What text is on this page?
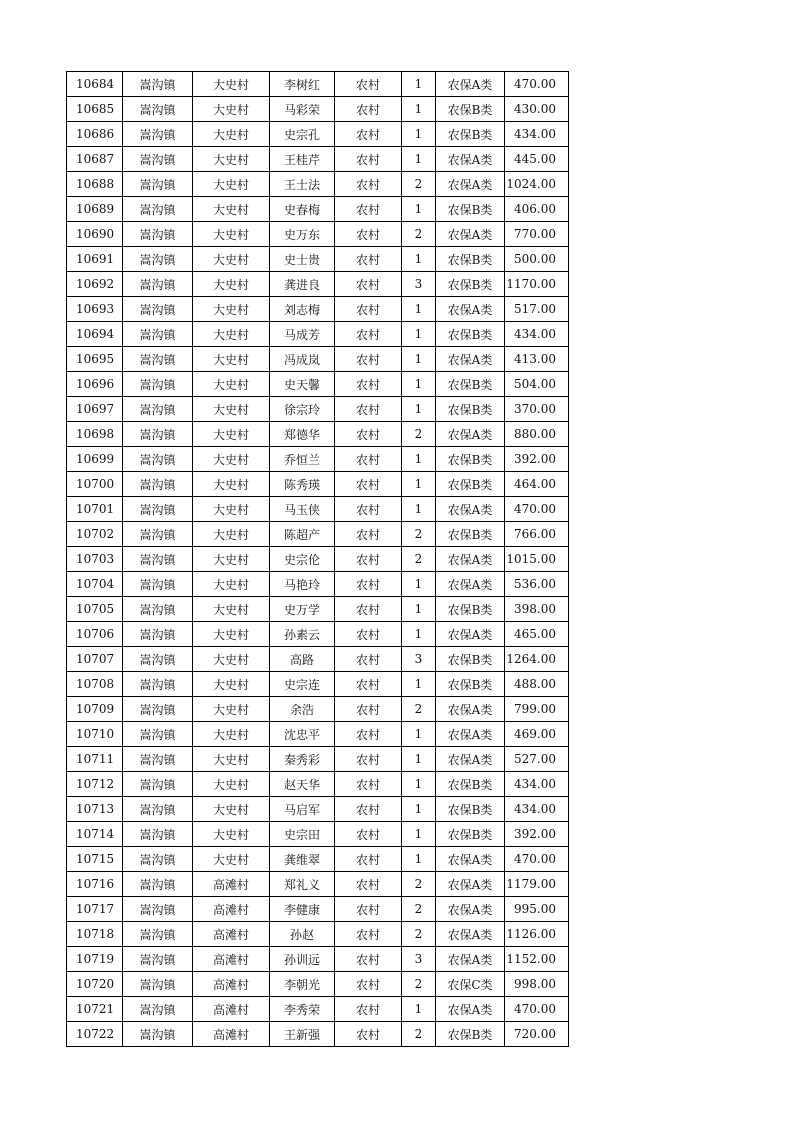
10684	嵩沟镇	大史村	李树红	农村	1	农保A类	470.00
10685	嵩沟镇	大史村	马彩荣	农村	1	农保B类	430.00
10686	嵩沟镇	大史村	史宗孔	农村	1	农保B类	434.00
10687	嵩沟镇	大史村	王桂芹	农村	1	农保A类	445.00
10688	嵩沟镇	大史村	王士法	农村	2	农保A类	1024.00
10689	嵩沟镇	大史村	史春梅	农村	1	农保B类	406.00
10690	嵩沟镇	大史村	史万东	农村	2	农保A类	770.00
10691	嵩沟镇	大史村	史士贵	农村	1	农保B类	500.00
10692	嵩沟镇	大史村	龚进良	农村	3	农保B类	1170.00
10693	嵩沟镇	大史村	刘志梅	农村	1	农保A类	517.00
10694	嵩沟镇	大史村	马成芳	农村	1	农保B类	434.00
10695	嵩沟镇	大史村	冯成岚	农村	1	农保A类	413.00
10696	嵩沟镇	大史村	史天馨	农村	1	农保B类	504.00
10697	嵩沟镇	大史村	徐宗玲	农村	1	农保B类	370.00
10698	嵩沟镇	大史村	郑德华	农村	2	农保A类	880.00
10699	嵩沟镇	大史村	乔恒兰	农村	1	农保B类	392.00
10700	嵩沟镇	大史村	陈秀瑛	农村	1	农保B类	464.00
10701	嵩沟镇	大史村	马玉侠	农村	1	农保A类	470.00
10702	嵩沟镇	大史村	陈超产	农村	2	农保B类	766.00
10703	嵩沟镇	大史村	史宗伦	农村	2	农保A类	1015.00
10704	嵩沟镇	大史村	马艳玲	农村	1	农保A类	536.00
10705	嵩沟镇	大史村	史万学	农村	1	农保B类	398.00
10706	嵩沟镇	大史村	孙素云	农村	1	农保A类	465.00
10707	嵩沟镇	大史村	高路	农村	3	农保B类	1264.00
10708	嵩沟镇	大史村	史宗连	农村	1	农保B类	488.00
10709	嵩沟镇	大史村	余浩	农村	2	农保A类	799.00
10710	嵩沟镇	大史村	沈忠平	农村	1	农保A类	469.00
10711	嵩沟镇	大史村	秦秀彩	农村	1	农保A类	527.00
10712	嵩沟镇	大史村	赵天华	农村	1	农保B类	434.00
10713	嵩沟镇	大史村	马启军	农村	1	农保B类	434.00
10714	嵩沟镇	大史村	史宗田	农村	1	农保B类	392.00
10715	嵩沟镇	大史村	龚维翠	农村	1	农保A类	470.00
10716	嵩沟镇	高滩村	郑礼义	农村	2	农保A类	1179.00
10717	嵩沟镇	高滩村	李健康	农村	2	农保A类	995.00
10718	嵩沟镇	高滩村	孙赵	农村	2	农保A类	1126.00
10719	嵩沟镇	高滩村	孙训远	农村	3	农保A类	1152.00
10720	嵩沟镇	高滩村	李朝光	农村	2	农保C类	998.00
10721	嵩沟镇	高滩村	李秀荣	农村	1	农保A类	470.00
10722	嵩沟镇	高滩村	王新强	农村	2	农保B类	720.00
